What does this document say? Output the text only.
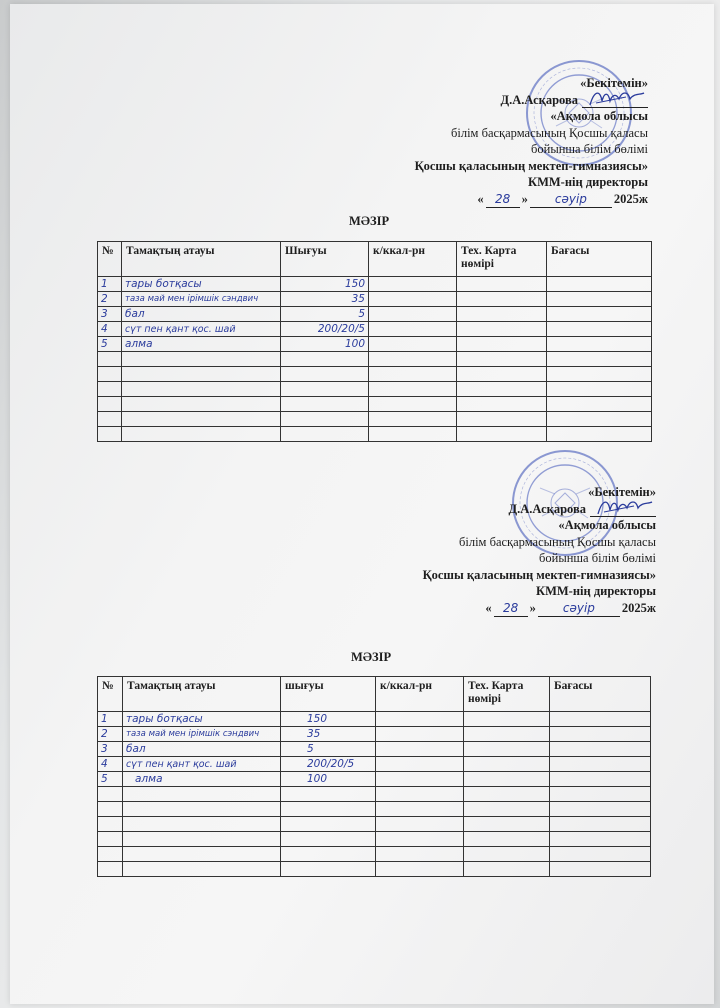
«Бекітемін»
Д.А.Асқарова
«Ақмола облысы
білім басқармасының Қосшы қаласы
бойынша білім бөлімі
Қосшы қаласының мектеп-гимназиясы»
КММ-нің директоры
« 28 » сәуір 2025ж
МӘЗІР
№	Тамақтың атауы	Шығуы	к/ккал-рн	Тех. Карта нөмірі	Бағасы
1	тары ботқасы	150			
2	таза май мен ірімшік сэндвич	35			
3	бал	5			
4	сүт пен қант қос. шай	200/20/5			
5	алма	100			

«Бекітемін»
Д.А.Асқарова
«Ақмола облысы
білім басқармасының Қосшы қаласы
бойынша білім бөлімі
Қосшы қаласының мектеп-гимназиясы»
КММ-нің директоры
« 28 » сәуір 2025ж
МӘЗІР
№	Тамақтың атауы	шығуы	к/ккал-рн	Тех. Карта нөмірі	Бағасы
1	тары ботқасы	150			
2	таза май мен ірімшік сэндвич	35			
3	бал	5			
4	сүт пен қант қос. шай	200/20/5			
5	алма	100			
